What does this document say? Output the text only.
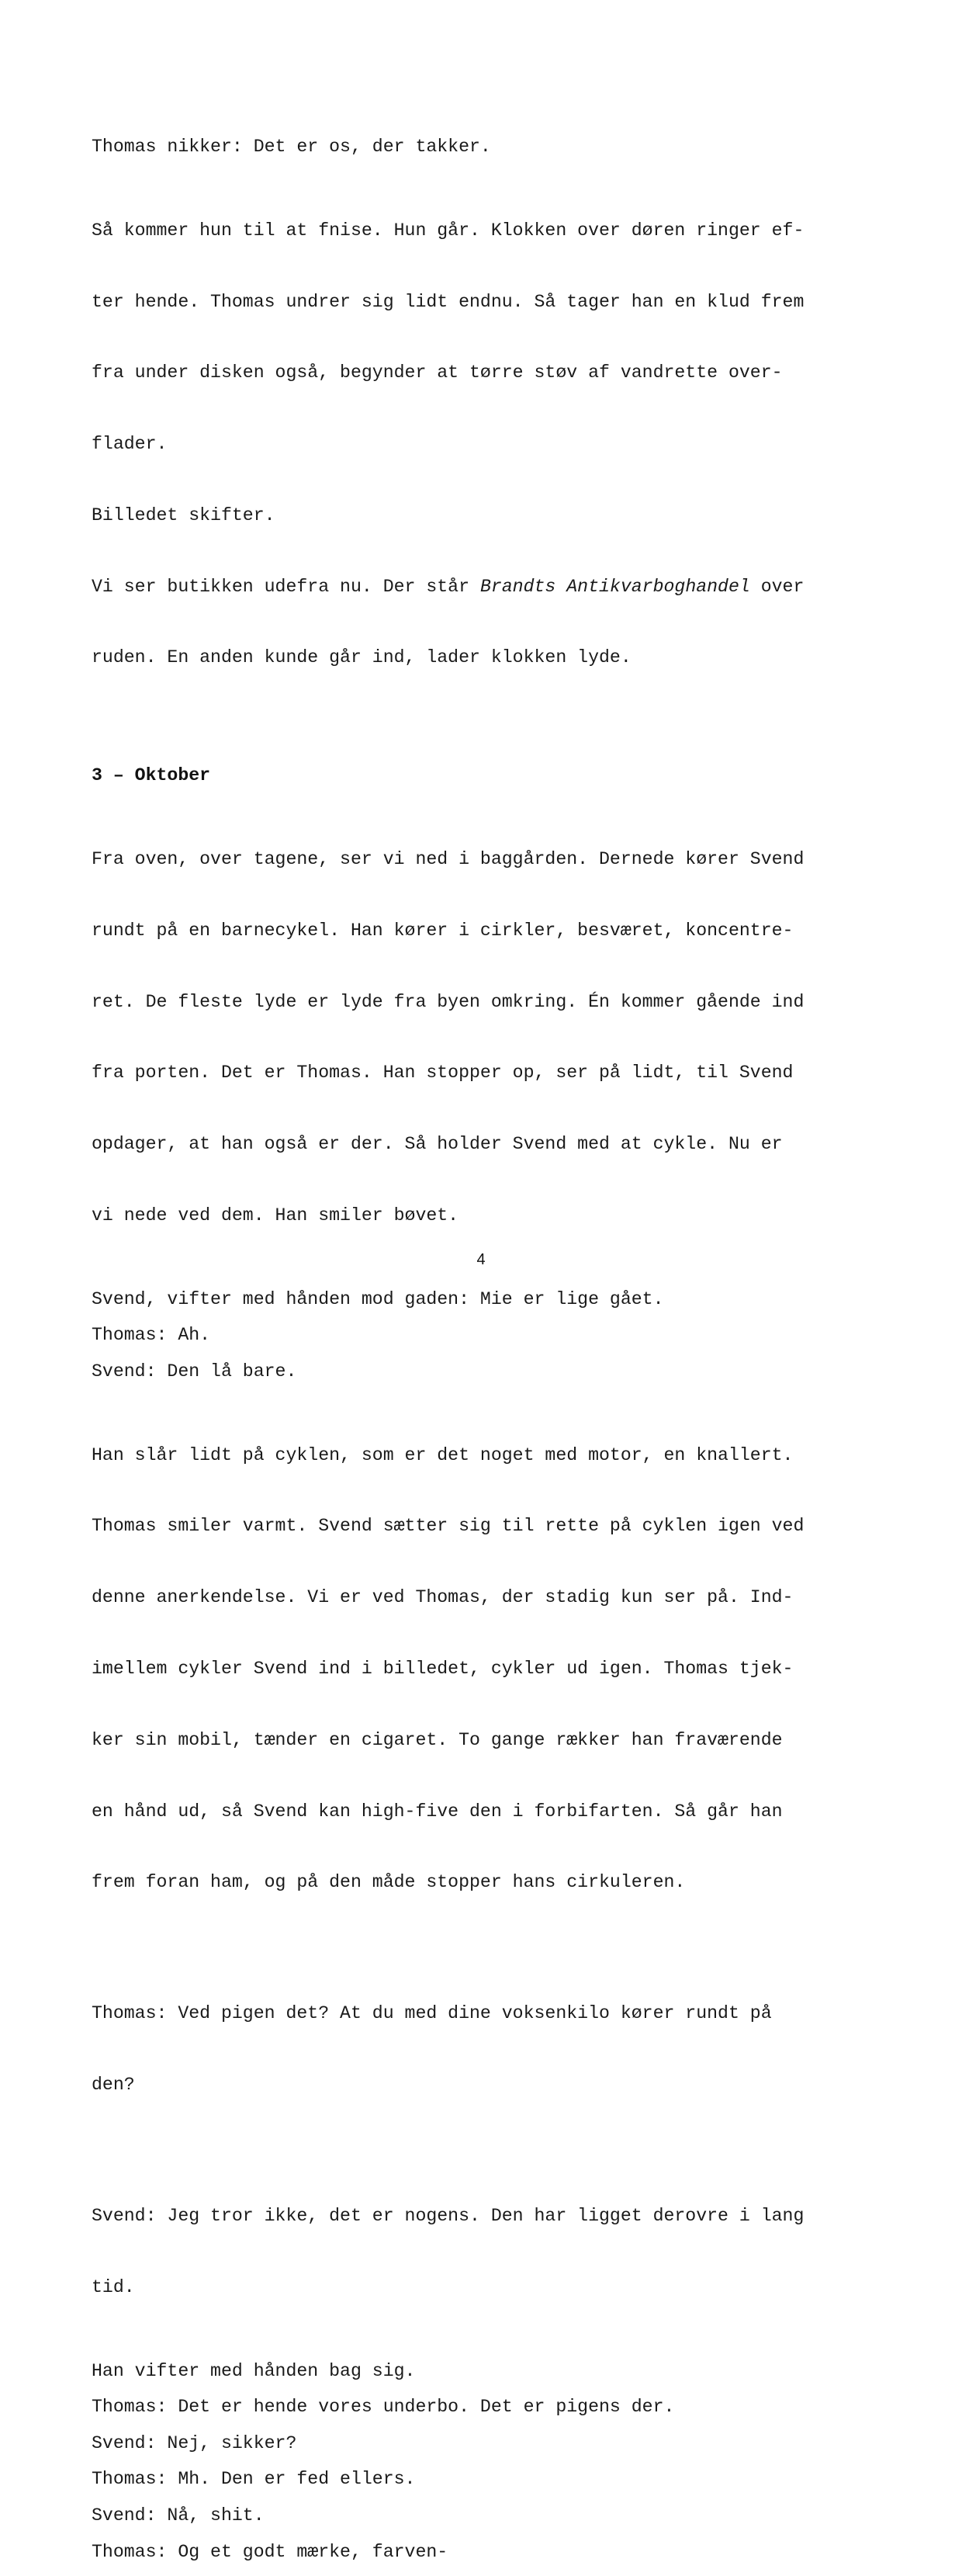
Thomas nikker: Det er os, der takker.

Så kommer hun til at fnise. Hun går. Klokken over døren ringer ef-

ter hende. Thomas undrer sig lidt endnu. Så tager han en klud frem

fra under disken også, begynder at tørre støv af vandrette over-

flader.

Billedet skifter.

Vi ser butikken udefra nu. Der står Brandts Antikvarboghandel over

ruden. En anden kunde går ind, lader klokken lyde.

3 – Oktober

Fra oven, over tagene, ser vi ned i baggården. Dernede kører Svend

rundt på en barnecykel. Han kører i cirkler, besværet, koncentre-

ret. De fleste lyde er lyde fra byen omkring. Én kommer gående ind

fra porten. Det er Thomas. Han stopper op, ser på lidt, til Svend

opdager, at han også er der. Så holder Svend med at cykle. Nu er

vi nede ved dem. Han smiler bøvet.

Svend, vifter med hånden mod gaden: Mie er lige gået.

Thomas: Ah.

Svend: Den lå bare.

Han slår lidt på cyklen, som er det noget med motor, en knallert.

Thomas smiler varmt. Svend sætter sig til rette på cyklen igen ved

denne anerkendelse. Vi er ved Thomas, der stadig kun ser på. Ind-

imellem cykler Svend ind i billedet, cykler ud igen. Thomas tjek-

ker sin mobil, tænder en cigaret. To gange rækker han fraværende

en hånd ud, så Svend kan high-five den i forbifarten. Så går han

frem foran ham, og på den måde stopper hans cirkuleren.

Thomas: Ved pigen det? At du med dine voksenkilo kører rundt på

den?

Svend: Jeg tror ikke, det er nogens. Den har ligget derovre i lang

tid.

Han vifter med hånden bag sig.

Thomas: Det er hende vores underbo. Det er pigens der.

Svend: Nej, sikker?

Thomas: Mh. Den er fed ellers.

Svend: Nå, shit.

Thomas: Og et godt mærke, farven-

4
